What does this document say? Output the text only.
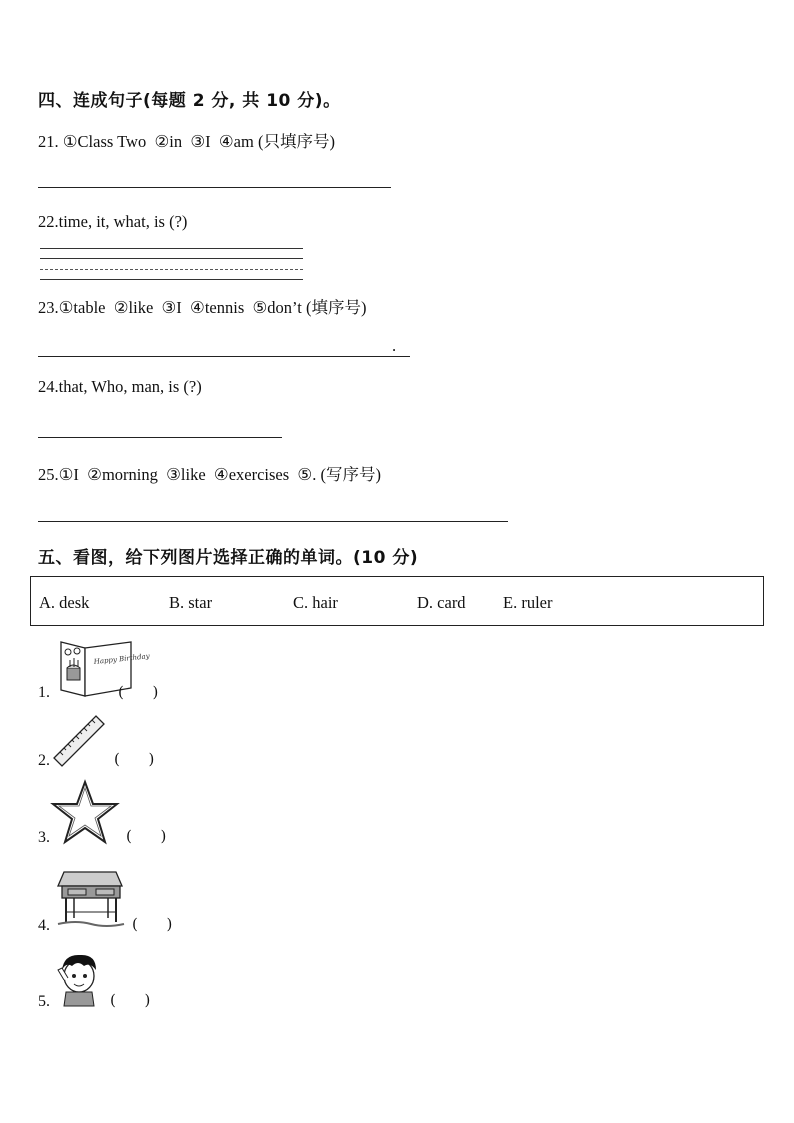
四、连成句子(每题 2 分, 共 10 分)。
21. ①Class Two  ②in  ③I  ④am (只填序号)
22.time, it, what, is (?)
23.①table  ②like  ③I  ④tennis  ⑤don’t (填序号)
.
24.that, Who, man, is (?)
25.①I  ②morning  ③like  ④exercises  ⑤. (写序号)
五、看图，给下列图片选择正确的单词。(10 分)
A. desk	B. star	C. hair	D. card E. ruler
1.
Happy Birthday
(      )
2.	(      )
3.	(      )
4.	(      )
5.	(      )
